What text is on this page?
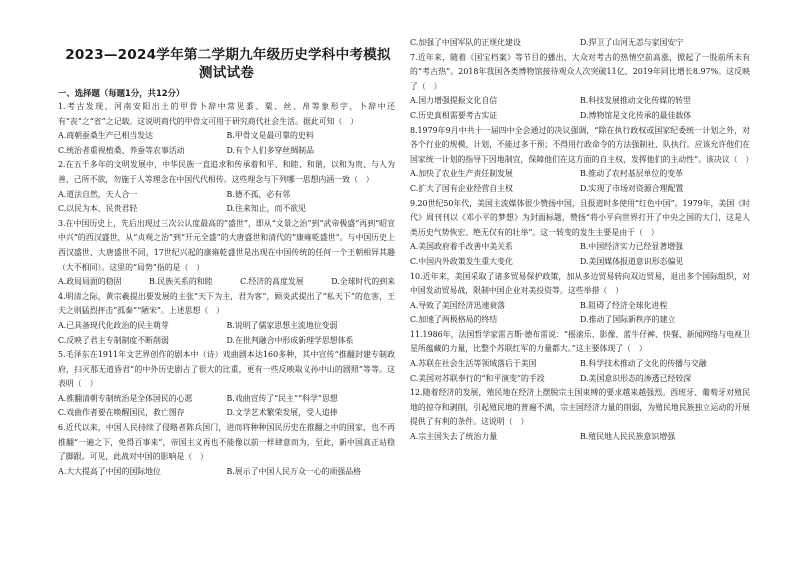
2023—2024学年第二学期九年级历史学科中考模拟
测试试卷
一、选择题（每题1分，共12分）

1.考古发现，河南安阳出土的甲骨卜辞中常见黍、粟、丝、帛等象形字，卜辞中还有“丧”之“省”之记载。这说明商代的甲骨文可用于研究商代社会生活。据此可知（　）

A.商朝蚕桑生产已相当发达	B.甲骨文是最可靠的史料
C.统治者重视植桑、养蚕等农事活动	D.有个人们多穿丝绸制品

2.在五千多年的文明发展中，中华民族一直追求和传承着和平、和睦、和谐，以和为贵、与人为善、己所不欲，勿施于人等理念在中国代代相传。这些理念与下列哪一思想内涵一致（　）

A.道法自然，天人合一	B.德不孤，必有邻
C.以民为本，民贵君轻	D.往来知止，而不欲见

3.在中国历史上，先后出现过三次公认度最高的“盛世”，即从“文景之治”到“武帝极盛”再到“昭宣中兴”的西汉盛世，从“贞观之治”到“开元全盛”的大唐盛世和清代的“康雍乾盛世”。与中国历史上西汉盛世、大唐盛世不同，17世纪兴起的康雍乾盛世是出现在中国传统的任何一个王朝相异其趣（大不相同）。这里的“局势”指的是（　）

A.政局局面的稳固	B.民族关系的和睦	C.经济的高度发展	D.全球时代的到来

4.明清之际，黄宗羲提出要发展的主张“天下为主，君为客”，顾炎武提出了“私天下”的危害，王夫之则猛烈抨击“孤秦”“陋宋”。上述思想（　）

A.已具备现代化政治的民主萌芽	B.说明了儒家思想主流地位变弱
C.反映了君主专制制度不断削弱	D.在批判融合中形成新理学思想体系

5.毛泽东在1911年文艺界创作的剧本中（诗）戏曲剧本达160多种，其中宣传“推翻封建专制政府，扫灭那无道昏君”的中外历史剧占了很大的比重，更有一些反映取义孙中山的剧照”等等。这表明（　）

A.推翻清朝专制统治是全体国民的心愿	B.戏曲宣传了“民主”“科学”思想
C.戏曲作者要在唤醒国民，救亡图存	D.文学艺术繁荣发展，受人追捧

6.近代以来，中国人民持续了侵略者陈兵国门，进而将种种国民历史在推翻之中的国家，也不再推翻“一遍之下，免得百事来”，帝国主义再也不能像以前一样肆意而为，至此，新中国真正站稳了脚跟。可见，此战对中国的影响是（　）

A.大大提高了中国的国际地位	B.展示了中国人民万众一心的顽强品格
C.加强了中国军队的正规化建设	D.捍卫了山河无恙与家国安宁

7.近年来，随着《国宝档案》等节目的播出，大众对考古的热情空前高涨，掀起了一股前所未有的“考古热”。2018年我国各类博物馆接待观众人次突破11亿，2019年同比增长8.97%。这反映了（　）

A.国力增强提振文化自信	B.科技发展推动文化传媒的转型
C.历史真相需要考古实证	D.博物馆是文化传承的最佳载体

8.1979年9月中共十一届四中全会通过的决议强调，“除在执行政权或国家纪委统一计划之外，对各个行业的规模、计划，不能过多干预；不得用行政命令的方法强制社、队执行。应该允许他们在国家统一计划的指导下因地制宜，保障他们在这方面的自主权，发挥他们的主动性”。该决议（　）

A.加快了农业生产责任制发展	B.推动了农村基层单位的变革
C.扩大了国有企业经营自主权	D.实现了市场对资源合理配置

9.20世纪50年代，美国主流媒体很少赞扬中国，且报道时多使用“红色中国”。1979年，美国《时代》周刊刊以《邓小平的梦想》为封面标题，赞扬“将小平向世界打开了中央之国的大门，这是人类历史气势恢宏、绝无仅有的壮举”。这一转变的发生主要是由于（　）

A.美国政府着手改善中美关系	B.中国经济实力已经显著增强
C.中国内外政策发生重大变化	D.美国媒体报道意识形态偏见

10.近年来，美国采取了诸多贸易保护政策，加从多边贸易转向双边贸易，退出多个国际组织，对中国发动贸易战，限制中国企业对美投资等。这些举措（　）

A.导致了美国经济迅速衰落	B.阻碍了经济全球化进程
C.加速了两极格局的终结	D.推动了国际新秩序的建立

11.1986年，法国哲学家雷吉斯·德布雷说：“摇滚乐、影像、蓝牛仔裤、快餐、新闻网络与电视卫星所蕴藏的力量，比整个苏联红军的力量都大。”这主要体现了（　）

A.苏联在社会生活等领域落后于美国	B.科学技术推动了文化的传播与交融
C.美国对苏联奉行的“和平演变”的手段	D.美国意识形态的渗透已经较深

12.随着经济的发展，殖民地在经济上摆脱宗主国束缚的要求越来越强烈。西班牙、葡萄牙对殖民地的掠夺和剥削，引起殖民地的普遍不满，宗主国经济力量的削弱，为殖民地民族独立运动的开展提供了有利的条件。这说明（　）

A.宗主国失去了统治力量	B.殖民地人民民族意识增强
